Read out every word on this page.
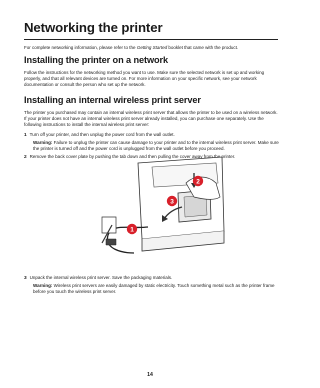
Networking the printer

For complete networking information, please refer to the Getting Started booklet that came with the product.

Installing the printer on a network

Follow the instructions for the networking method you want to use. Make sure the selected network is set up and working properly, and that all relevant devices are turned on. For more information on your specific network, see your network documentation or consult the person who set up the network.

Installing an internal wireless print server

The printer you purchased may contain an internal wireless print server that allows the printer to be used on a wireless network. If your printer does not have an internal wireless print server already installed, you can purchase one separately. Use the following instructions to install the internal wireless print server:

1 Turn off your printer, and then unplug the power cord from the wall outlet.

Warning: Failure to unplug the printer can cause damage to your printer and to the internal wireless print server. Make sure the printer is turned off and the power cord is unplugged from the wall outlet before you proceed.

2 Remove the back cover plate by pushing the tab down and then pulling the cover away from the printer.

1
2
3

3 Unpack the internal wireless print server. Save the packaging materials.

Warning: Wireless print servers are easily damaged by static electricity. Touch something metal such as the printer frame before you touch the wireless print server.

14
